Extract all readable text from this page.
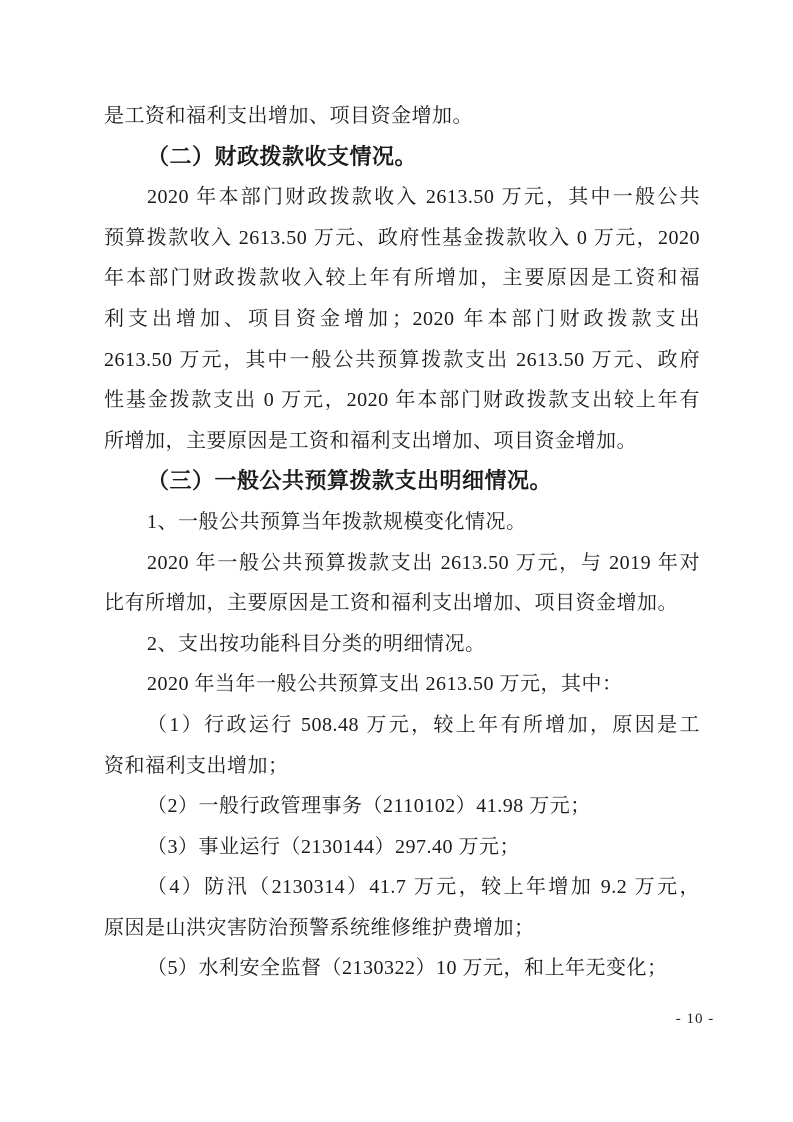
是工资和福利支出增加、项目资金增加。
（二）财政拨款收支情况。
2020 年本部门财政拨款收入 2613.50 万元，其中一般公共
预算拨款收入 2613.50 万元、政府性基金拨款收入 0 万元，2020
年本部门财政拨款收入较上年有所增加，主要原因是工资和福
利支出增加、项目资金增加；2020 年本部门财政拨款支出
2613.50 万元，其中一般公共预算拨款支出 2613.50 万元、政府
性基金拨款支出 0 万元，2020 年本部门财政拨款支出较上年有
所增加，主要原因是工资和福利支出增加、项目资金增加。
（三）一般公共预算拨款支出明细情况。
1、一般公共预算当年拨款规模变化情况。
2020 年一般公共预算拨款支出 2613.50 万元，与 2019 年对
比有所增加，主要原因是工资和福利支出增加、项目资金增加。
2、支出按功能科目分类的明细情况。
2020 年当年一般公共预算支出 2613.50 万元，其中：
（1）行政运行 508.48 万元，较上年有所增加，原因是工
资和福利支出增加；
（2）一般行政管理事务（2110102）41.98 万元；
（3）事业运行（2130144）297.40 万元；
（4）防汛（2130314）41.7 万元，较上年增加 9.2 万元，
原因是山洪灾害防治预警系统维修维护费增加；
（5）水利安全监督（2130322）10 万元，和上年无变化；
- 10 -
